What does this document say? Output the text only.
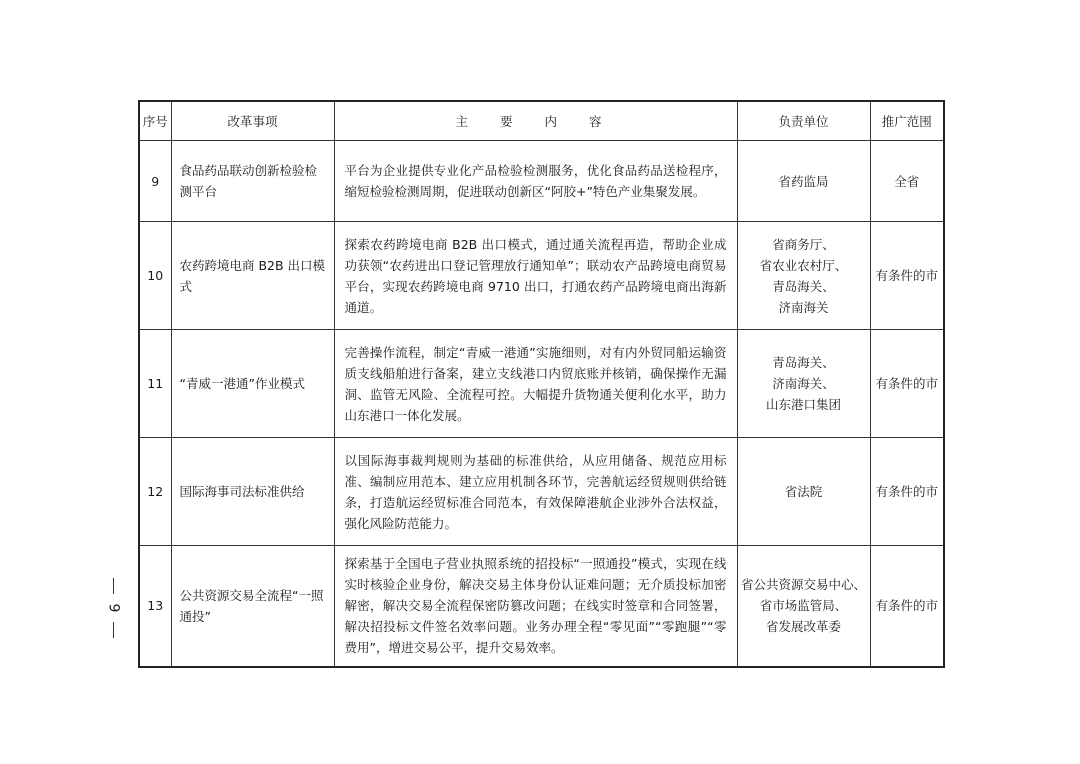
序号	改革事项	主 要 内 容	负责单位	推广范围
9	食品药品联动创新检验检测平台	平台为企业提供专业化产品检验检测服务，优化食品药品送检程序，缩短检验检测周期，促进联动创新区“阿胶+”特色产业集聚发展。	省药监局	全省
10	农药跨境电商 B2B 出口模式	探索农药跨境电商 B2B 出口模式，通过通关流程再造，帮助企业成功获领“农药进出口登记管理放行通知单”；联动农产品跨境电商贸易平台，实现农药跨境电商 9710 出口，打通农药产品跨境电商出海新通道。	省商务厅、
省农业农村厅、
青岛海关、
济南海关	有条件的市
11	“青威一港通”作业模式	完善操作流程，制定“青威一港通”实施细则，对有内外贸同船运输资质支线船舶进行备案，建立支线港口内贸底账并核销，确保操作无漏洞、监管无风险、全流程可控。大幅提升货物通关便利化水平，助力山东港口一体化发展。	青岛海关、
济南海关、
山东港口集团	有条件的市
12	国际海事司法标准供给	以国际海事裁判规则为基础的标准供给，从应用储备、规范应用标准、编制应用范本、建立应用机制各环节，完善航运经贸规则供给链条，打造航运经贸标准合同范本，有效保障港航企业涉外合法权益，强化风险防范能力。	省法院	有条件的市
13	公共资源交易全流程“一照通投”	探索基于全国电子营业执照系统的招投标“一照通投”模式，实现在线实时核验企业身份，解决交易主体身份认证难问题；无介质投标加密解密，解决交易全流程保密防篡改问题；在线实时签章和合同签署，解决招投标文件签名效率问题。业务办理全程“零见面”“零跑腿”“零费用”，增进交易公平，提升交易效率。	省公共资源交易中心、
省市场监管局、
省发展改革委	有条件的市
9
